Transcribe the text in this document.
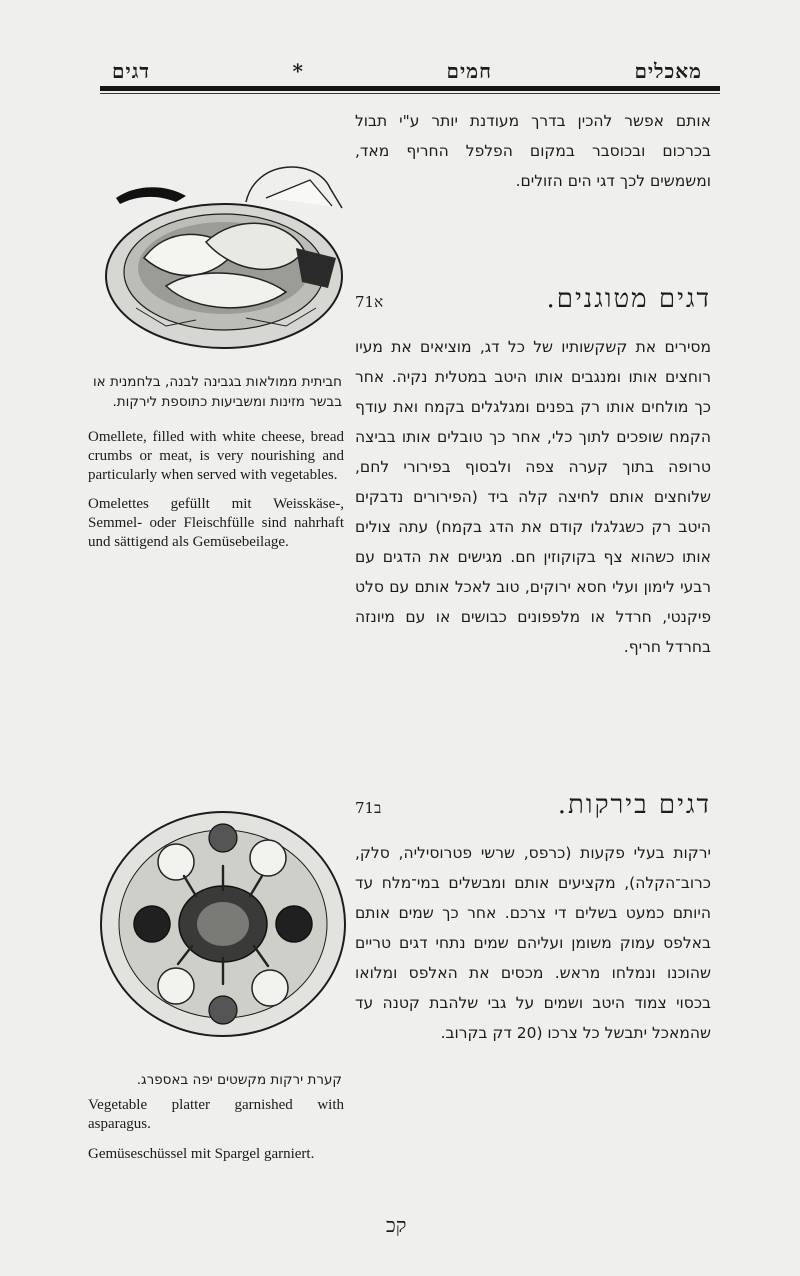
מאכלים
חמים
*
דגים

אותם אפשר להכין בדרך מעודנת יותר ע"י תבול בכרכום ובכוסבר במקום הפלפל החריף מאד, ומשמשים לכך דגי הים הזולים.

דגים מטוגנים.
71א

מסירים את קשקשותיו של כל דג, מוציאים את מעיו רוחצים אותו ומנגבים אותו היטב במטלית נקיה. אחר כך מולחים אותו רק בפנים ומגלגלים בקמח ואת עודף הקמח שופכים לתוך כלי, אחר כך טובלים אותו בביצה טרופה בתוך קערה צפה ולבסוף בפירורי לחם, שלוחצים אותם לחיצה קלה ביד (הפירורים נדבקים היטב רק כשגלגלו קודם את הדג בקמח) עתה צולים אותו כשהוא צף בקוקוזין חם. מגישים את הדגים עם רבעי לימון ועלי חסא ירוקים, טוב לאכל אותם עם סלט פיקנטי, חרדל או מלפפונים כבושים או עם מיונזה בחרדל חריף.

דגים בירקות.
71ב

ירקות בעלי פקעות (כרפס, שרשי פטרוסיליה, סלק, כרוב־הקלה), מקציעים אותם ומבשלים במי־מלח עד היותם כמעט בשלים די צרכם. אחר כך שמים אותם באלפס עמוק משומן ועליהם שמים נתחי דגים טריים שהוכנו ונמלחו מראש. מכסים את האלפס ומלואו בכסוי צמוד היטב ושמים על גבי שלהבת קטנה עד שהמאכל יתבשל כל צרכו (20 דק בקרוב.

חביתית ממולאות בגבינה לבנה, בלחמנית או בבשר מזינות ומשביעות כתוספת לירקות.
Omellete, filled with white cheese, bread crumbs or meat, is very nourishing and particularly when served with vegetables.
Omelettes gefüllt mit Weisskäse-, Semmel- oder Fleischfülle sind nahrhaft und sättigend als Gemüsebeilage.
קערת ירקות מקשטים יפה באספרג.
Vegetable platter garnished with asparagus.
Gemüseschüssel mit Spargel garniert.
קכ
